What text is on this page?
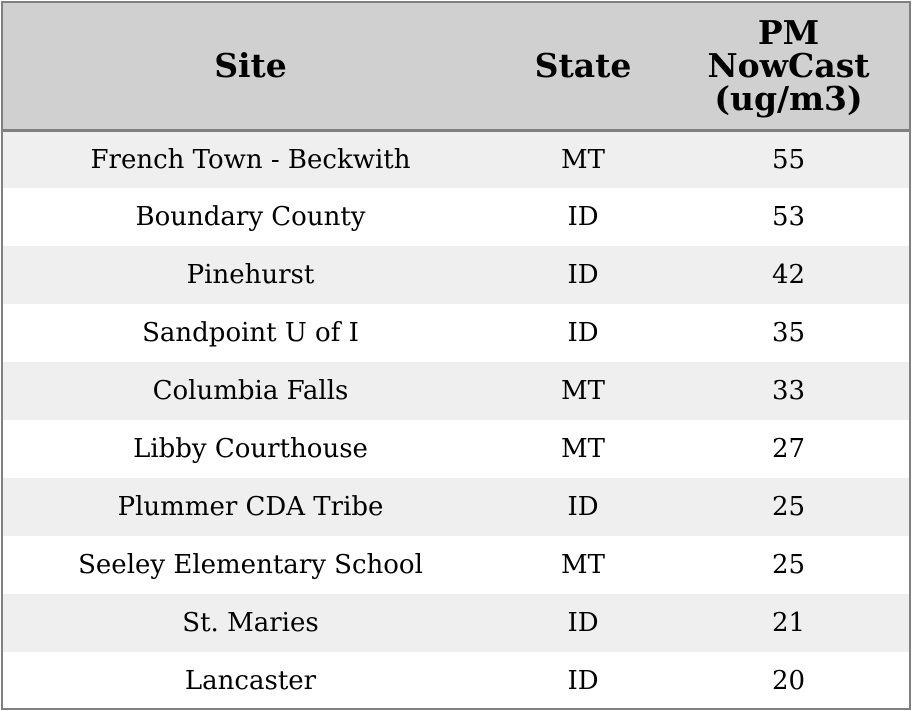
Site	State	PM
NowCast
(ug/m3)

French Town - Beckwith	MT	55
Boundary County	ID	53
Pinehurst	ID	42
Sandpoint U of I	ID	35
Columbia Falls	MT	33
Libby Courthouse	MT	27
Plummer CDA Tribe	ID	25
Seeley Elementary School	MT	25
St. Maries	ID	21
Lancaster	ID	20
